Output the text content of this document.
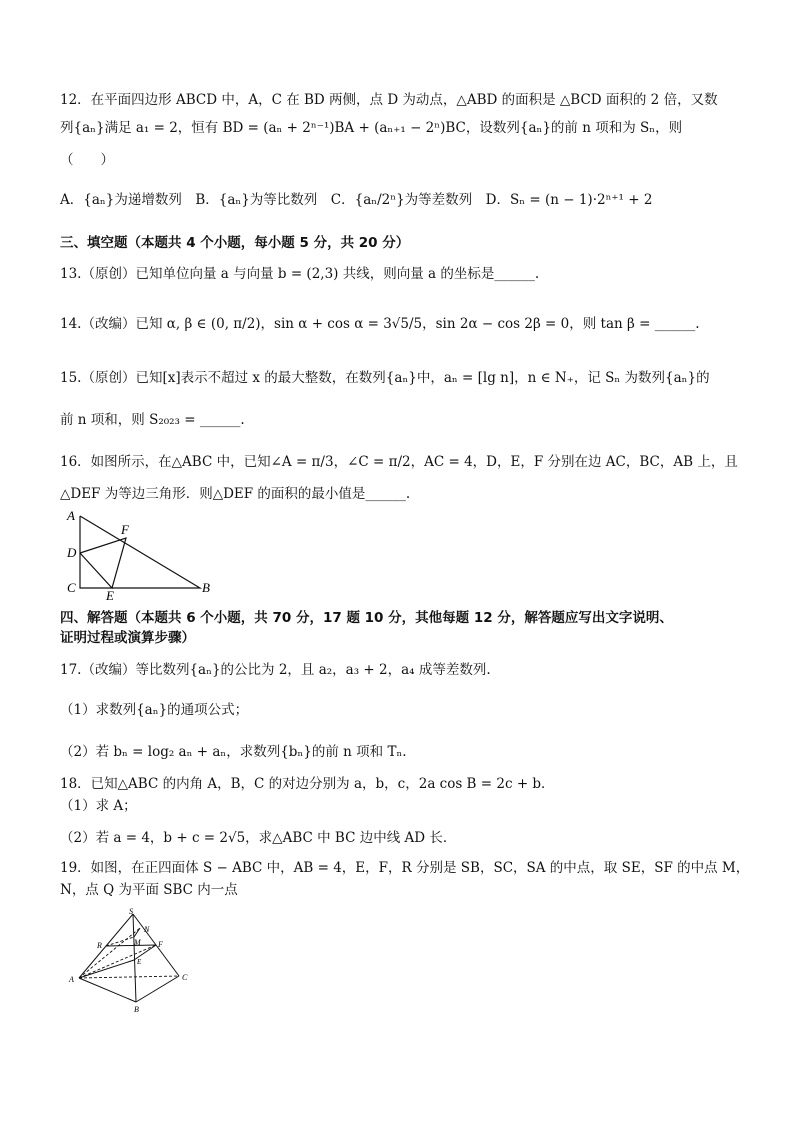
12．在平面四边形 ABCD 中，A，C 在 BD 两侧，点 D 为动点，△ABD 的面积是 △BCD 面积的 2 倍，又数
列{aₙ}满足 a₁ = 2，恒有 BD = (aₙ + 2ⁿ⁻¹)BA + (aₙ₊₁ − 2ⁿ)BC，设数列{aₙ}的前 n 项和为 Sₙ，则
（　　）
A．{aₙ}为递增数列　B．{aₙ}为等比数列　C．{aₙ/2ⁿ}为等差数列　D．Sₙ = (n − 1)·2ⁿ⁺¹ + 2
三、填空题（本题共 4 个小题，每小题 5 分，共 20 分）
13.（原创）已知单位向量 a 与向量 b = (2,3) 共线，则向量 a 的坐标是______.
14.（改编）已知 α, β ∈ (0, π/2)，sin α + cos α = 3√5/5，sin 2α − cos 2β = 0，则 tan β = ______.
15.（原创）已知[x]表示不超过 x 的最大整数，在数列{aₙ}中，aₙ = [lg n]，n ∈ N₊，记 Sₙ 为数列{aₙ}的
前 n 项和，则 S₂₀₂₃ = ______.
16．如图所示，在△ABC 中，已知∠A = π/3，∠C = π/2，AC = 4，D，E，F 分别在边 AC，BC，AB 上，且
△DEF 为等边三角形．则△DEF 的面积的最小值是______.
A
D
C
F
E
B
四、解答题（本题共 6 个小题，共 70 分，17 题 10 分，其他每题 12 分，解答题应写出文字说明、
证明过程或演算步骤）
17.（改编）等比数列{aₙ}的公比为 2，且 a₂，a₃ + 2，a₄ 成等差数列.
（1）求数列{aₙ}的通项公式；
（2）若 bₙ = log₂ aₙ + aₙ，求数列{bₙ}的前 n 项和 Tₙ.
18．已知△ABC 的内角 A，B，C 的对边分别为 a，b，c，2a cos B = 2c + b．
（1）求 A；
（2）若 a = 4，b + c = 2√5，求△ABC 中 BC 边中线 AD 长．
19．如图，在正四面体 S − ABC 中，AB = 4，E，F，R 分别是 SB，SC，SA 的中点，取 SE，SF 的中点 M，
N，点 Q 为平面 SBC 内一点
S
R
N
M F
E
A	C
B
